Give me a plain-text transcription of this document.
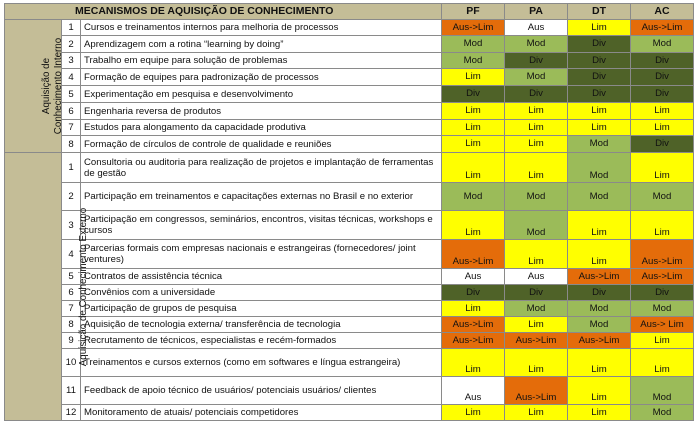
MECANISMOS DE AQUISIÇÃO DE CONHECIMENTO			PF	PA	DT	AC
Aquisição de
Conhecimento Interno	1	Cursos e treinamentos internos para melhoria de processos	Aus->Lim	Aus	Lim	Aus->Lim
	2	Aprendizagem com a rotina “learning by doing”	Mod	Mod	Div	Mod
	3	Trabalho em equipe para solução de problemas	Mod	Div	Div	Div
	4	Formação de equipes para padronização de processos	Lim	Mod	Div	Div
	5	Experimentação em pesquisa e desenvolvimento	Div	Div	Div	Div
	6	Engenharia reversa de produtos	Lim	Lim	Lim	Lim
	7	Estudos para alongamento da capacidade produtiva	Lim	Lim	Lim	Lim
	8	Formação de círculos de controle de qualidade e reuniões	Lim	Lim	Mod	Div
Aquisição de Conhecimento Externo	1	Consultoria ou auditoria para realização de projetos e implantação de ferramentas de gestão	Lim	Lim	Mod	Lim
	2	Participação em treinamentos e capacitações externas no Brasil e no exterior	Mod	Mod	Mod	Mod
	3	Participação em congressos, seminários, encontros, visitas técnicas, workshops e cursos	Lim	Mod	Lim	Lim
	4	Parcerias formais com empresas nacionais e estrangeiras (fornecedores/ joint ventures)	Aus->Lim	Lim	Lim	Aus->Lim
	5	Contratos de assistência técnica	Aus	Aus	Aus->Lim	Aus->Lim
	6	Convênios com a universidade	Div	Div	Div	Div
	7	Participação de grupos de pesquisa	Lim	Mod	Mod	Mod
	8	Aquisição de tecnologia externa/ transferência de tecnologia	Aus->Lim	Lim	Mod	Aus-> Lim
	9	Recrutamento de técnicos, especialistas e recém-formados	Aus->Lim	Aus->Lim	Aus->Lim	Lim
	10	Treinamentos e cursos externos (como em softwares e língua estrangeira)	Lim	Lim	Lim	Lim
	11	Feedback de apoio técnico de usuários/ potenciais usuários/ clientes	Aus	Aus->Lim	Lim	Mod
	12	Monitoramento de atuais/ potenciais competidores	Lim	Lim	Lim	Mod
